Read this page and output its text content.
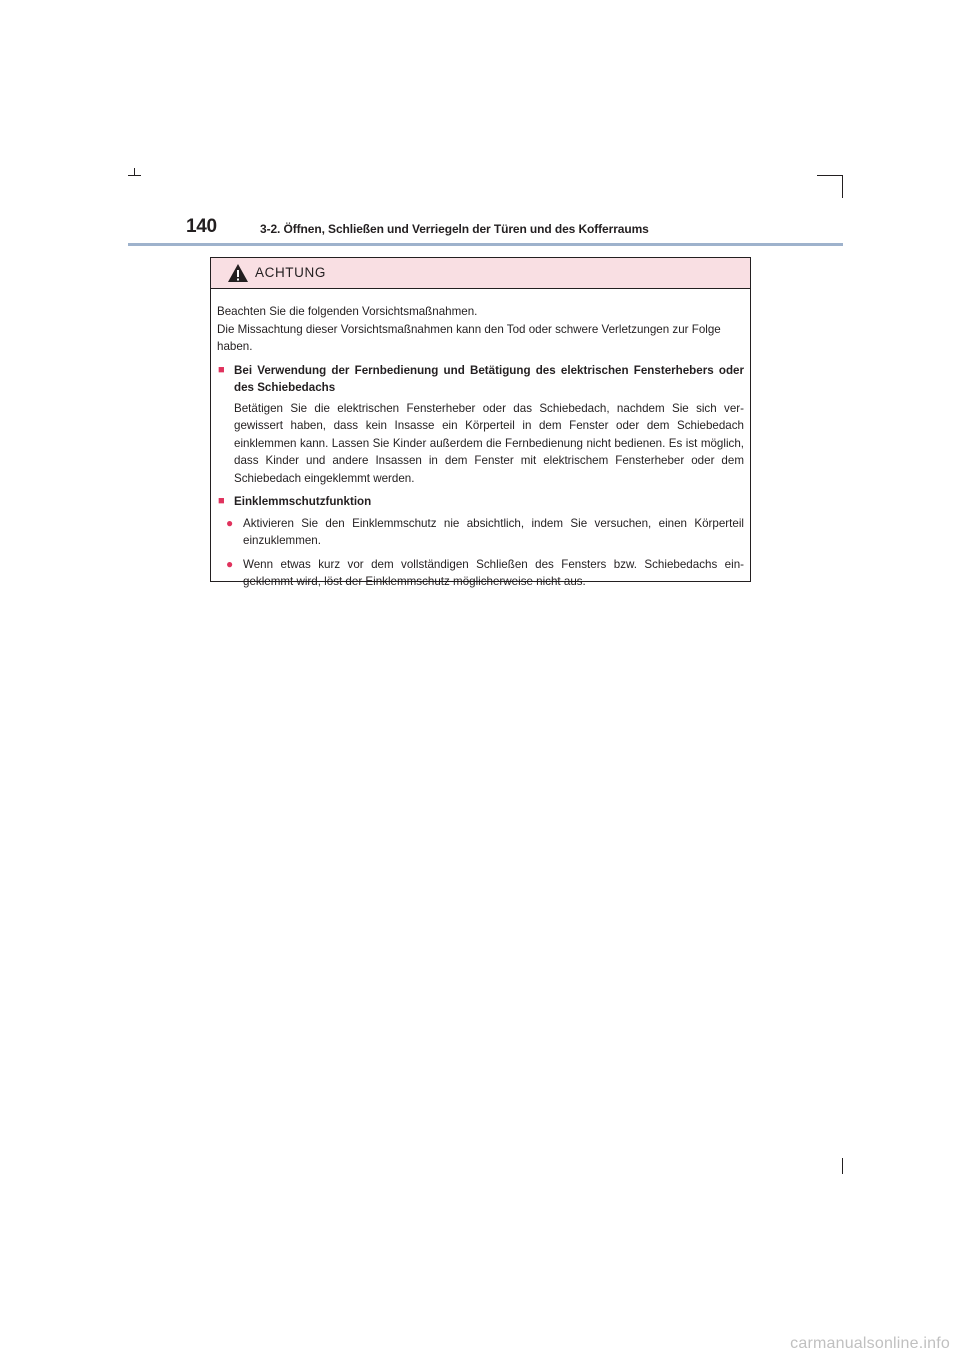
140	3-2. Öffnen, Schließen und Verriegeln der Türen und des Kofferraums
ACHTUNG

Beachten Sie die folgenden Vorsichtsmaßnahmen.

Die Missachtung dieser Vorsichtsmaßnahmen kann den Tod oder schwere Verletzungen zur Folge haben.

■ Bei Verwendung der Fernbedienung und Betätigung des elektrischen Fensterhebers oder des Schiebedachs

Betätigen Sie die elektrischen Fensterheber oder das Schiebedach, nachdem Sie sich ver-gewissert haben, dass kein Insasse ein Körperteil in dem Fenster oder dem Schiebedach einklemmen kann. Lassen Sie Kinder außerdem die Fernbedienung nicht bedienen. Es ist möglich, dass Kinder und andere Insassen in dem Fenster mit elektrischem Fensterheber oder dem Schiebedach eingeklemmt werden.

■ Einklemmschutzfunktion
● Aktivieren Sie den Einklemmschutz nie absichtlich, indem Sie versuchen, einen Körperteil einzuklemmen.
● Wenn etwas kurz vor dem vollständigen Schließen des Fensters bzw. Schiebedachs ein-geklemmt wird, löst der Einklemmschutz möglicherweise nicht aus.
carmanualsonline.info
